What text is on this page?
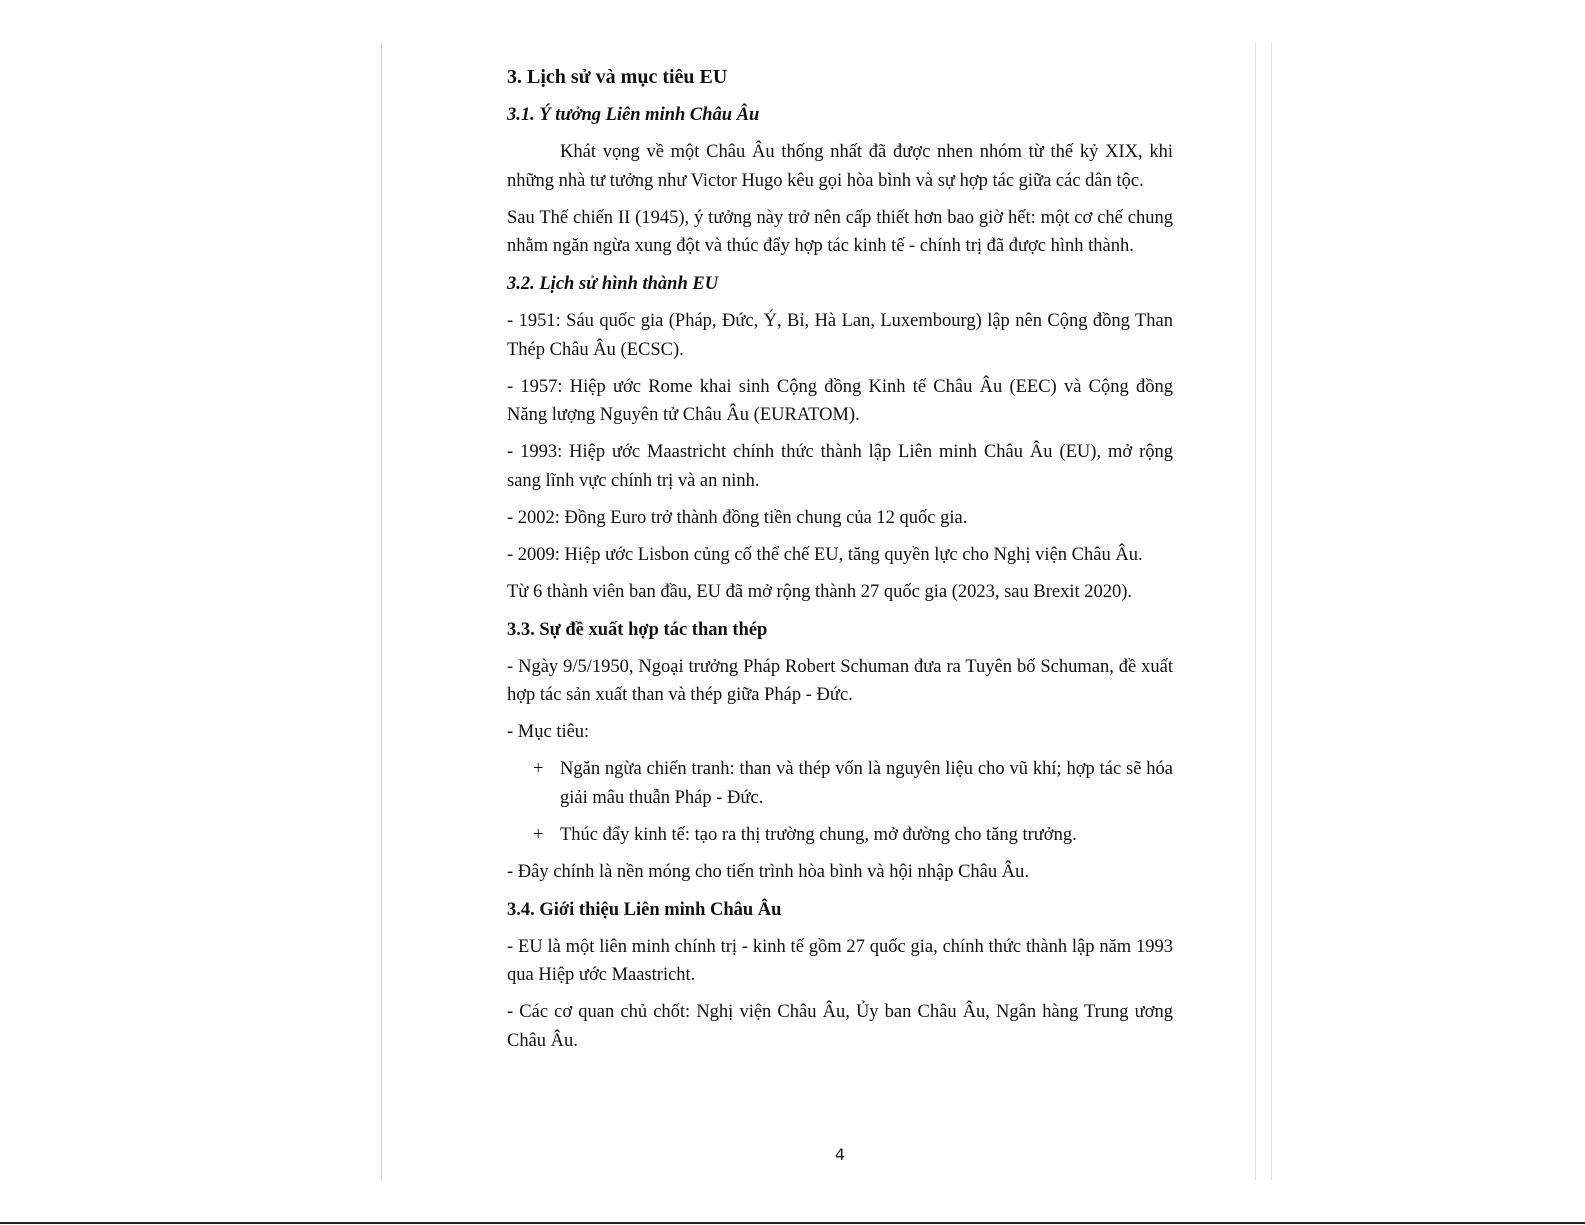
3. Lịch sử và mục tiêu EU
3.1. Ý tưởng Liên minh Châu Âu

Khát vọng về một Châu Âu thống nhất đã được nhen nhóm từ thế kỷ XIX, khi những nhà tư tưởng như Victor Hugo kêu gọi hòa bình và sự hợp tác giữa các dân tộc.

Sau Thế chiến II (1945), ý tưởng này trở nên cấp thiết hơn bao giờ hết: một cơ chế chung nhằm ngăn ngừa xung đột và thúc đẩy hợp tác kinh tế - chính trị đã được hình thành.

3.2. Lịch sử hình thành EU

- 1951: Sáu quốc gia (Pháp, Đức, Ý, Bỉ, Hà Lan, Luxembourg) lập nên Cộng đồng Than Thép Châu Âu (ECSC).

- 1957: Hiệp ước Rome khai sinh Cộng đồng Kinh tế Châu Âu (EEC) và Cộng đồng Năng lượng Nguyên tử Châu Âu (EURATOM).

- 1993: Hiệp ước Maastricht chính thức thành lập Liên minh Châu Âu (EU), mở rộng sang lĩnh vực chính trị và an ninh.

- 2002: Đồng Euro trở thành đồng tiền chung của 12 quốc gia.

- 2009: Hiệp ước Lisbon củng cố thể chế EU, tăng quyền lực cho Nghị viện Châu Âu.

Từ 6 thành viên ban đầu, EU đã mở rộng thành 27 quốc gia (2023, sau Brexit 2020).

3.3. Sự đề xuất hợp tác than thép

- Ngày 9/5/1950, Ngoại trưởng Pháp Robert Schuman đưa ra Tuyên bố Schuman, đề xuất hợp tác sản xuất than và thép giữa Pháp - Đức.

- Mục tiêu:

+ Ngăn ngừa chiến tranh: than và thép vốn là nguyên liệu cho vũ khí; hợp tác sẽ hóa giải mâu thuẫn Pháp - Đức.
+ Thúc đẩy kinh tế: tạo ra thị trường chung, mở đường cho tăng trưởng.

- Đây chính là nền móng cho tiến trình hòa bình và hội nhập Châu Âu.

3.4. Giới thiệu Liên minh Châu Âu

- EU là một liên minh chính trị - kinh tế gồm 27 quốc gia, chính thức thành lập năm 1993 qua Hiệp ước Maastricht.

- Các cơ quan chủ chốt: Nghị viện Châu Âu, Ủy ban Châu Âu, Ngân hàng Trung ương Châu Âu.

4
